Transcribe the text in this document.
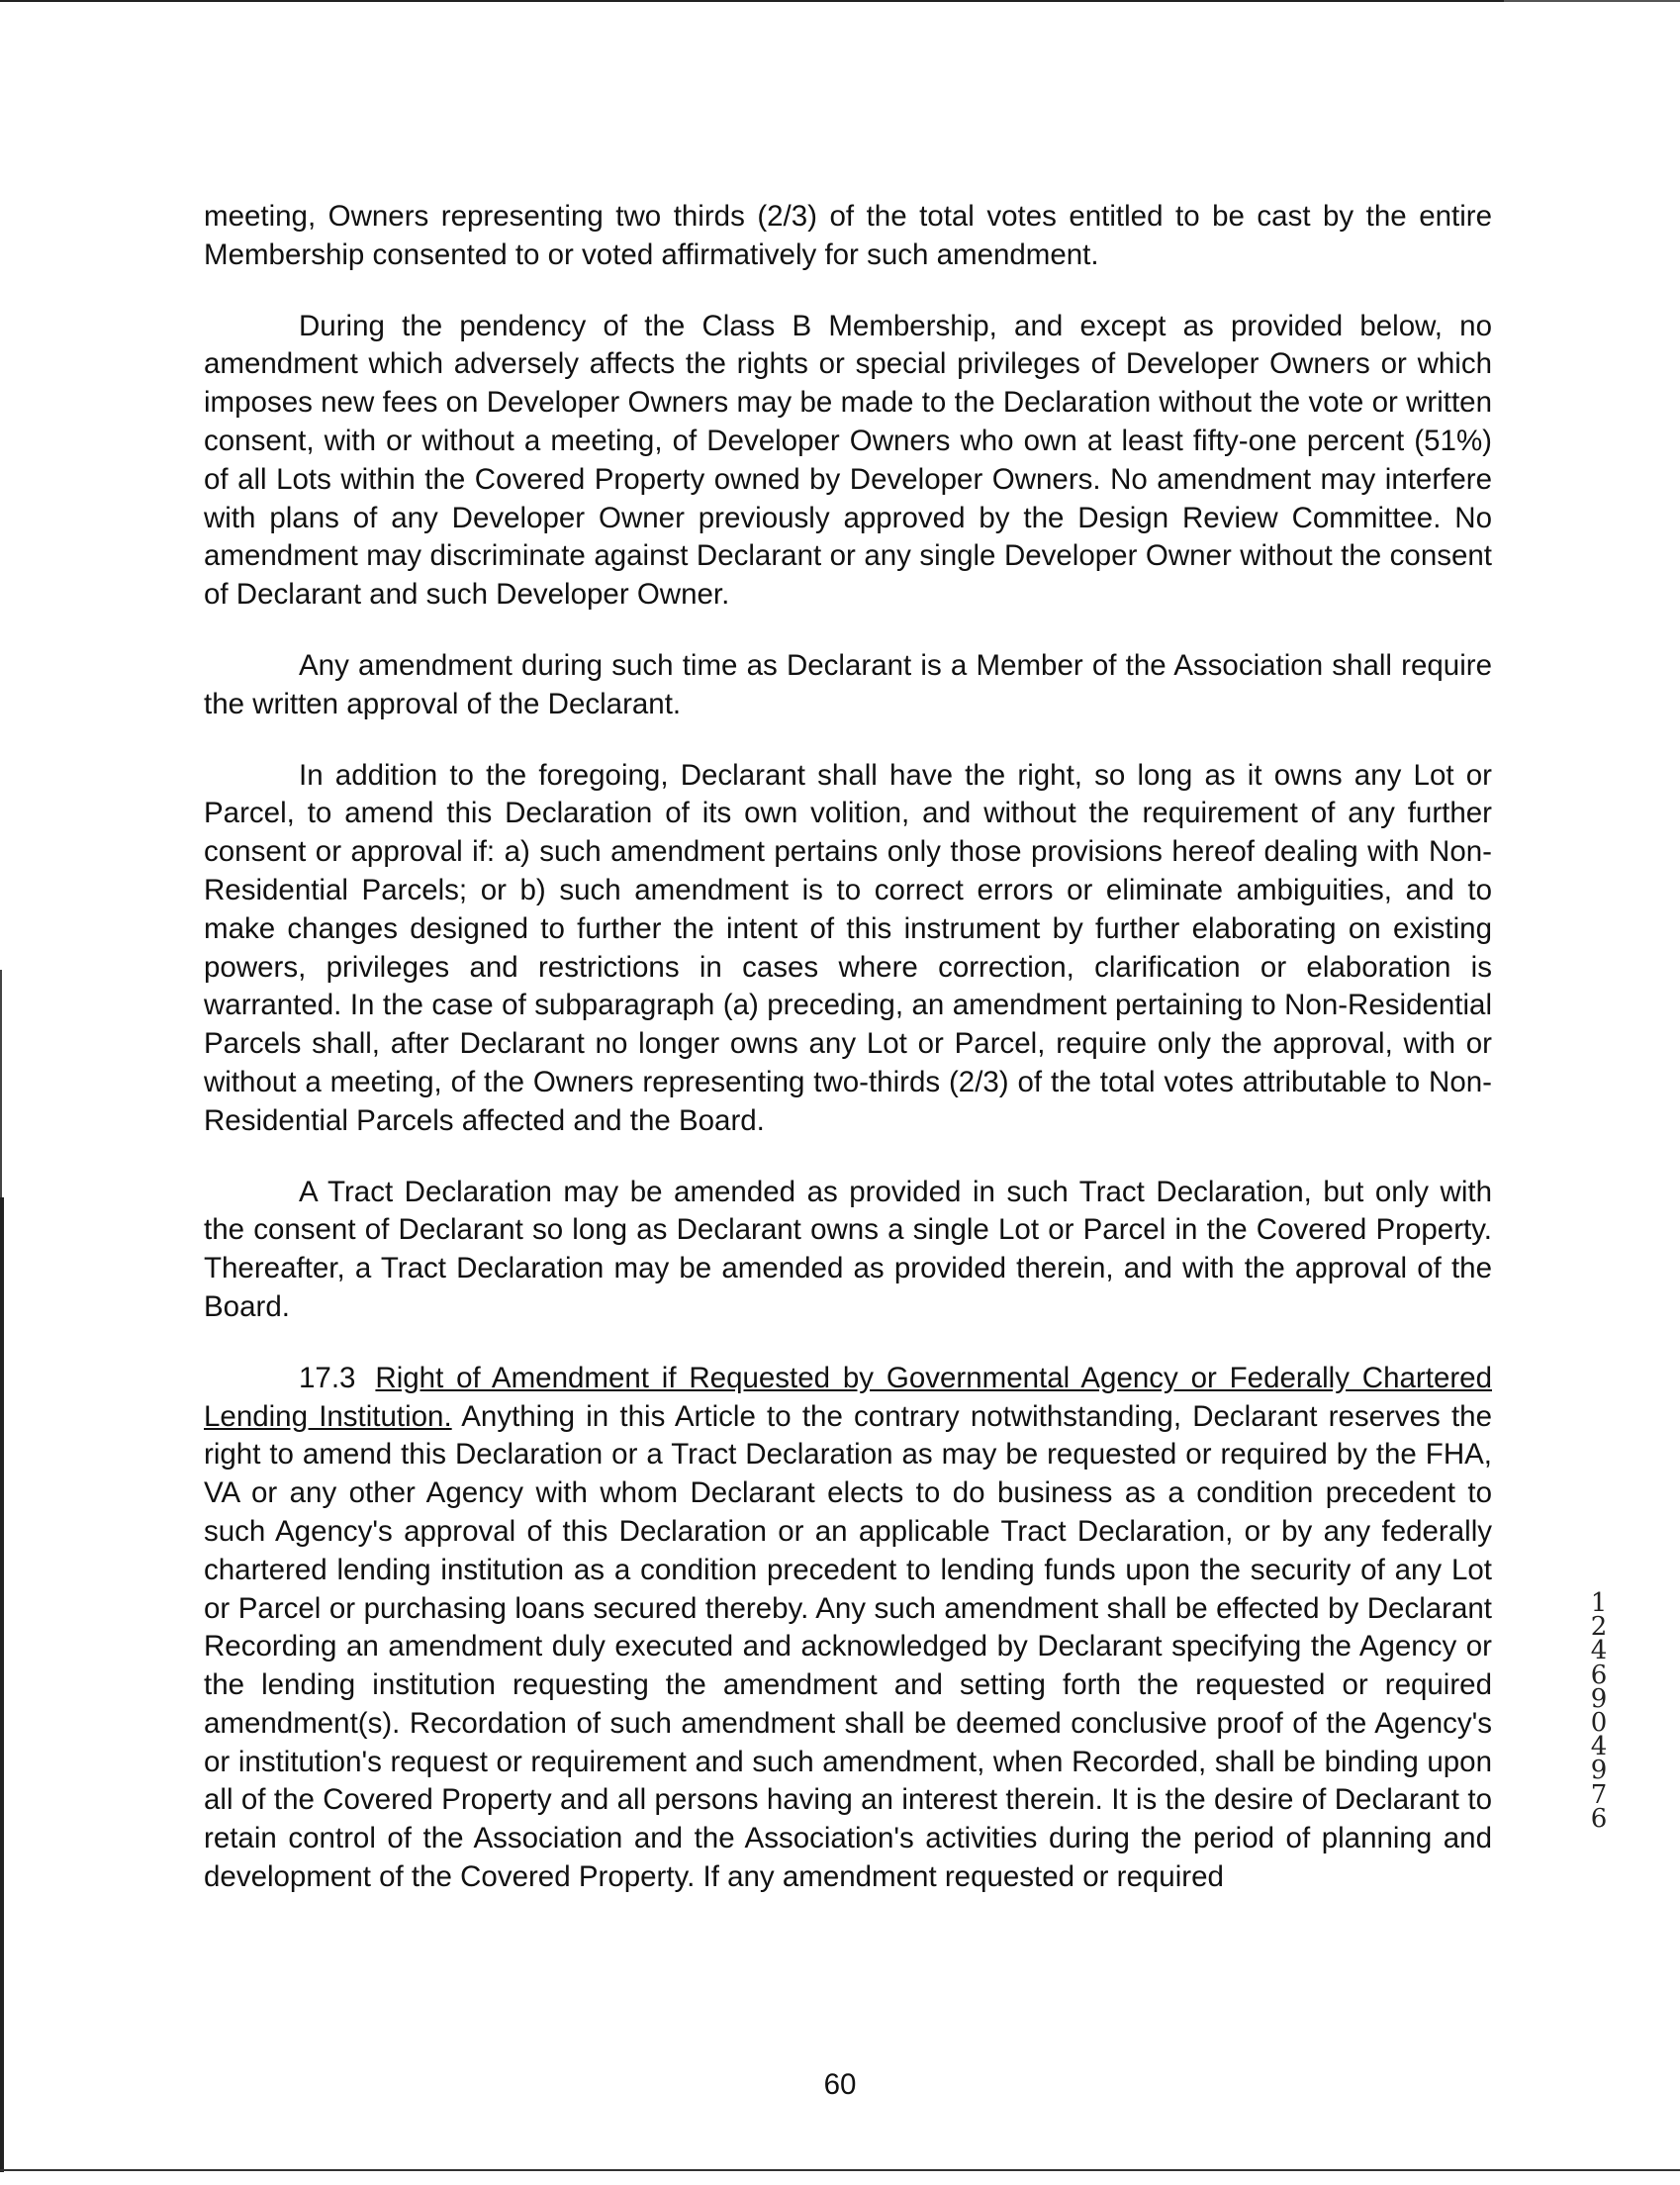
meeting, Owners representing two thirds (2/3) of the total votes entitled to be cast by the entire Membership consented to or voted affirmatively for such amendment.

During the pendency of the Class B Membership, and except as provided below, no amendment which adversely affects the rights or special privileges of Developer Owners or which imposes new fees on Developer Owners may be made to the Declaration without the vote or written consent, with or without a meeting, of Developer Owners who own at least fifty-one percent (51%) of all Lots within the Covered Property owned by Developer Owners. No amendment may interfere with plans of any Developer Owner previously approved by the Design Review Committee. No amendment may discriminate against Declarant or any single Developer Owner without the consent of Declarant and such Developer Owner.

Any amendment during such time as Declarant is a Member of the Association shall require the written approval of the Declarant.

In addition to the foregoing, Declarant shall have the right, so long as it owns any Lot or Parcel, to amend this Declaration of its own volition, and without the requirement of any further consent or approval if: a) such amendment pertains only those provisions hereof dealing with Non-Residential Parcels; or b) such amendment is to correct errors or eliminate ambiguities, and to make changes designed to further the intent of this instrument by further elaborating on existing powers, privileges and restrictions in cases where correction, clarification or elaboration is warranted. In the case of subparagraph (a) preceding, an amendment pertaining to Non-Residential Parcels shall, after Declarant no longer owns any Lot or Parcel, require only the approval, with or without a meeting, of the Owners representing two-thirds (2/3) of the total votes attributable to Non-Residential Parcels affected and the Board.

A Tract Declaration may be amended as provided in such Tract Declaration, but only with the consent of Declarant so long as Declarant owns a single Lot or Parcel in the Covered Property. Thereafter, a Tract Declaration may be amended as provided therein, and with the approval of the Board.

17.3 Right of Amendment if Requested by Governmental Agency or Federally Chartered Lending Institution. Anything in this Article to the contrary notwithstanding, Declarant reserves the right to amend this Declaration or a Tract Declaration as may be requested or required by the FHA, VA or any other Agency with whom Declarant elects to do business as a condition precedent to such Agency's approval of this Declaration or an applicable Tract Declaration, or by any federally chartered lending institution as a condition precedent to lending funds upon the security of any Lot or Parcel or purchasing loans secured thereby. Any such amendment shall be effected by Declarant Recording an amendment duly executed and acknowledged by Declarant specifying the Agency or the lending institution requesting the amendment and setting forth the requested or required amendment(s). Recordation of such amendment shall be deemed conclusive proof of the Agency's or institution's request or requirement and such amendment, when Recorded, shall be binding upon all of the Covered Property and all persons having an interest therein. It is the desire of Declarant to retain control of the Association and the Association's activities during the period of planning and development of the Covered Property. If any amendment requested or required

1246904976
60
